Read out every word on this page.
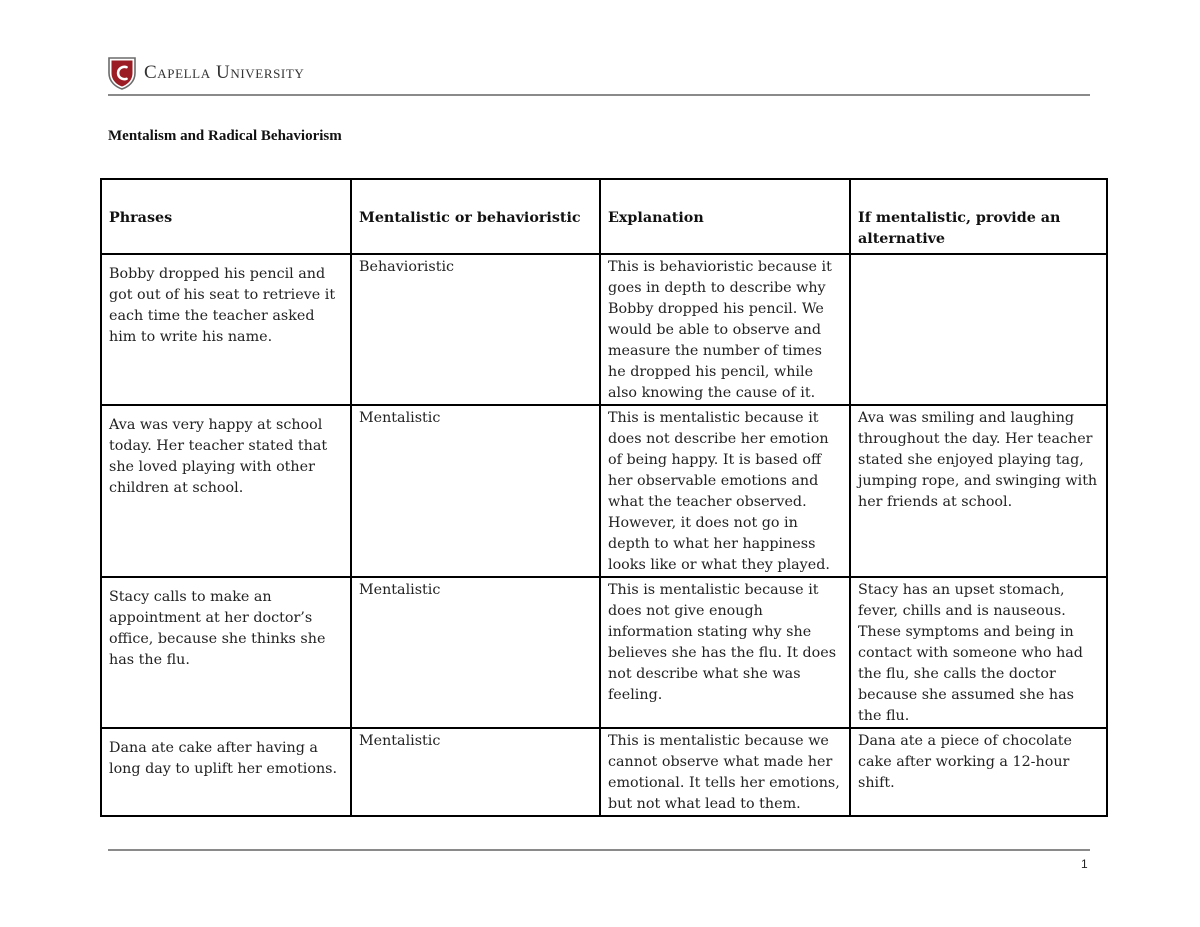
Capella University
Mentalism and Radical Behaviorism
Phrases	Mentalistic or behavioristic	Explanation	If mentalistic, provide an alternative
Bobby dropped his pencil and got out of his seat to retrieve it each time the teacher asked him to write his name.	Behavioristic	This is behavioristic because it goes in depth to describe why Bobby dropped his pencil. We would be able to observe and measure the number of times he dropped his pencil, while also knowing the cause of it.	
Ava was very happy at school today. Her teacher stated that she loved playing with other children at school.	Mentalistic	This is mentalistic because it does not describe her emotion of being happy. It is based off her observable emotions and what the teacher observed. However, it does not go in depth to what her happiness looks like or what they played.	Ava was smiling and laughing throughout the day. Her teacher stated she enjoyed playing tag, jumping rope, and swinging with her friends at school.
Stacy calls to make an appointment at her doctor’s office, because she thinks she has the flu.	Mentalistic	This is mentalistic because it does not give enough information stating why she believes she has the flu. It does not describe what she was feeling.	Stacy has an upset stomach, fever, chills and is nauseous. These symptoms and being in contact with someone who had the flu, she calls the doctor because she assumed she has the flu.
Dana ate cake after having a long day to uplift her emotions.	Mentalistic	This is mentalistic because we cannot observe what made her emotional. It tells her emotions, but not what lead to them.	Dana ate a piece of chocolate cake after working a 12-hour shift.
1
